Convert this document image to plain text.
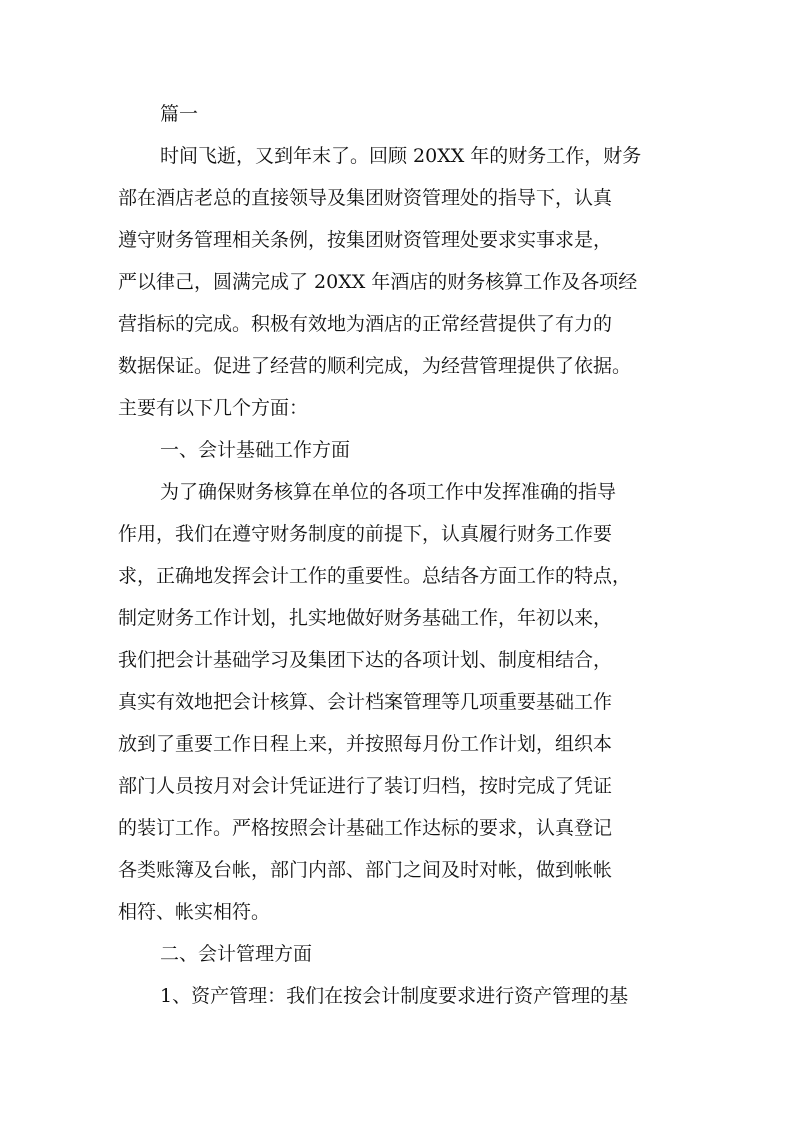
篇一
时间飞逝，又到年末了。回顾 20XX 年的财务工作，财务
部在酒店老总的直接领导及集团财资管理处的指导下，认真
遵守财务管理相关条例，按集团财资管理处要求实事求是，
严以律己，圆满完成了 20XX 年酒店的财务核算工作及各项经
营指标的完成。积极有效地为酒店的正常经营提供了有力的
数据保证。促进了经营的顺利完成，为经营管理提供了依据。
主要有以下几个方面：
一、会计基础工作方面
为了确保财务核算在单位的各项工作中发挥准确的指导
作用，我们在遵守财务制度的前提下，认真履行财务工作要
求，正确地发挥会计工作的重要性。总结各方面工作的特点，
制定财务工作计划，扎实地做好财务基础工作，年初以来，
我们把会计基础学习及集团下达的各项计划、制度相结合，
真实有效地把会计核算、会计档案管理等几项重要基础工作
放到了重要工作日程上来，并按照每月份工作计划，组织本
部门人员按月对会计凭证进行了装订归档，按时完成了凭证
的装订工作。严格按照会计基础工作达标的要求，认真登记
各类账簿及台帐，部门内部、部门之间及时对帐，做到帐帐
相符、帐实相符。
二、会计管理方面
1、资产管理：我们在按会计制度要求进行资产管理的基
